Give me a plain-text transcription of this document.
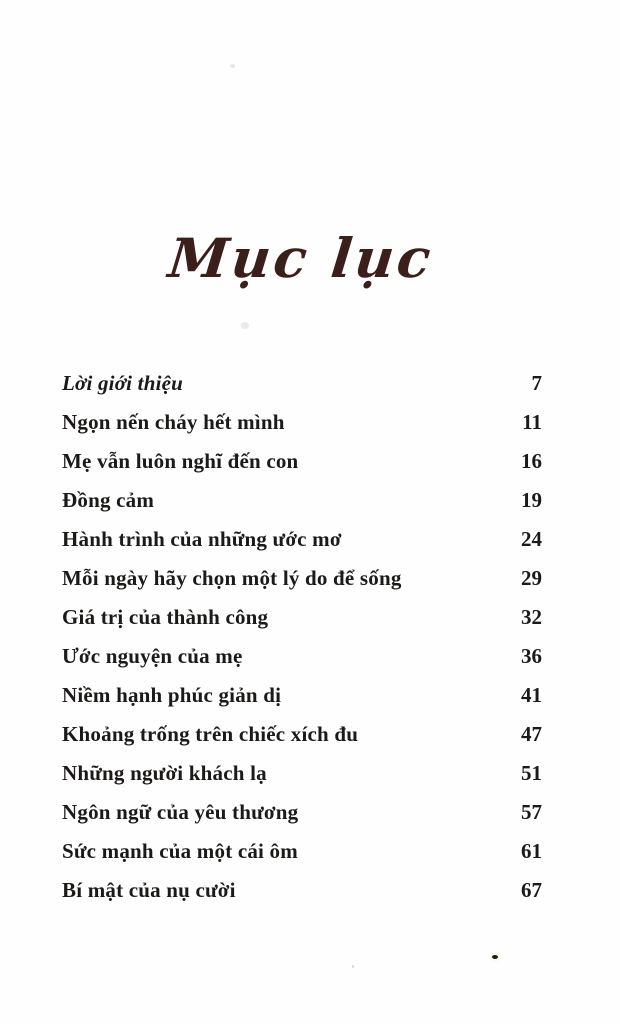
Mục lục
Lời giới thiệu	7
Ngọn nến cháy hết mình	11
Mẹ vẫn luôn nghĩ đến con	16
Đồng cảm	19
Hành trình của những ước mơ	24
Mỗi ngày hãy chọn một lý do để sống	29
Giá trị của thành công	32
Ước nguyện của mẹ	36
Niềm hạnh phúc giản dị	41
Khoảng trống trên chiếc xích đu	47
Những người khách lạ	51
Ngôn ngữ của yêu thương	57
Sức mạnh của một cái ôm	61
Bí mật của nụ cười	67
